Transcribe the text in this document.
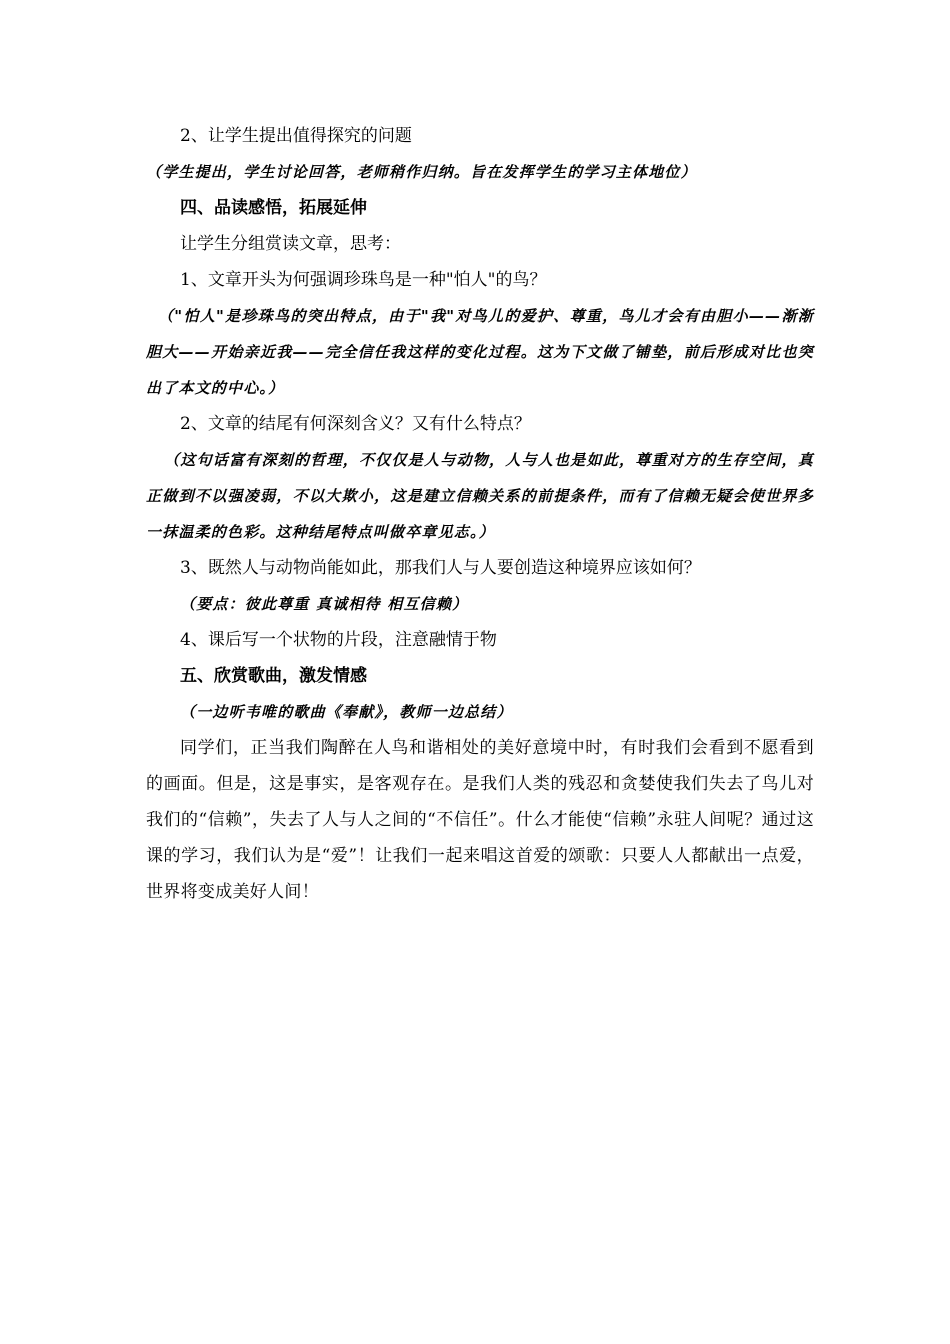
2、让学生提出值得探究的问题
（学生提出，学生讨论回答，老师稍作归纳。旨在发挥学生的学习主体地位）
四、品读感悟，拓展延伸
让学生分组赏读文章，思考：
1、文章开头为何强调珍珠鸟是一种"怕人"的鸟？

（"怕人"是珍珠鸟的突出特点，由于"我"对鸟儿的爱护、尊重，鸟儿才会有由胆小——渐渐胆大——开始亲近我——完全信任我这样的变化过程。这为下文做了铺垫，前后形成对比也突出了本文的中心。）

2、文章的结尾有何深刻含义？又有什么特点？

（这句话富有深刻的哲理，不仅仅是人与动物，人与人也是如此，尊重对方的生存空间，真正做到不以强凌弱，不以大欺小，这是建立信赖关系的前提条件，而有了信赖无疑会使世界多一抹温柔的色彩。这种结尾特点叫做卒章见志。）

3、既然人与动物尚能如此，那我们人与人要创造这种境界应该如何？
（要点：彼此尊重 真诚相待 相互信赖）
4、课后写一个状物的片段，注意融情于物
五、欣赏歌曲，激发情感
（一边听韦唯的歌曲《奉献》，教师一边总结）

同学们，正当我们陶醉在人鸟和谐相处的美好意境中时，有时我们会看到不愿看到的画面。但是，这是事实，是客观存在。是我们人类的残忍和贪婪使我们失去了鸟儿对我们的“信赖”，失去了人与人之间的“不信任”。什么才能使“信赖”永驻人间呢？通过这课的学习，我们认为是“爱”！让我们一起来唱这首爱的颂歌：只要人人都献出一点爱，世界将变成美好人间！
